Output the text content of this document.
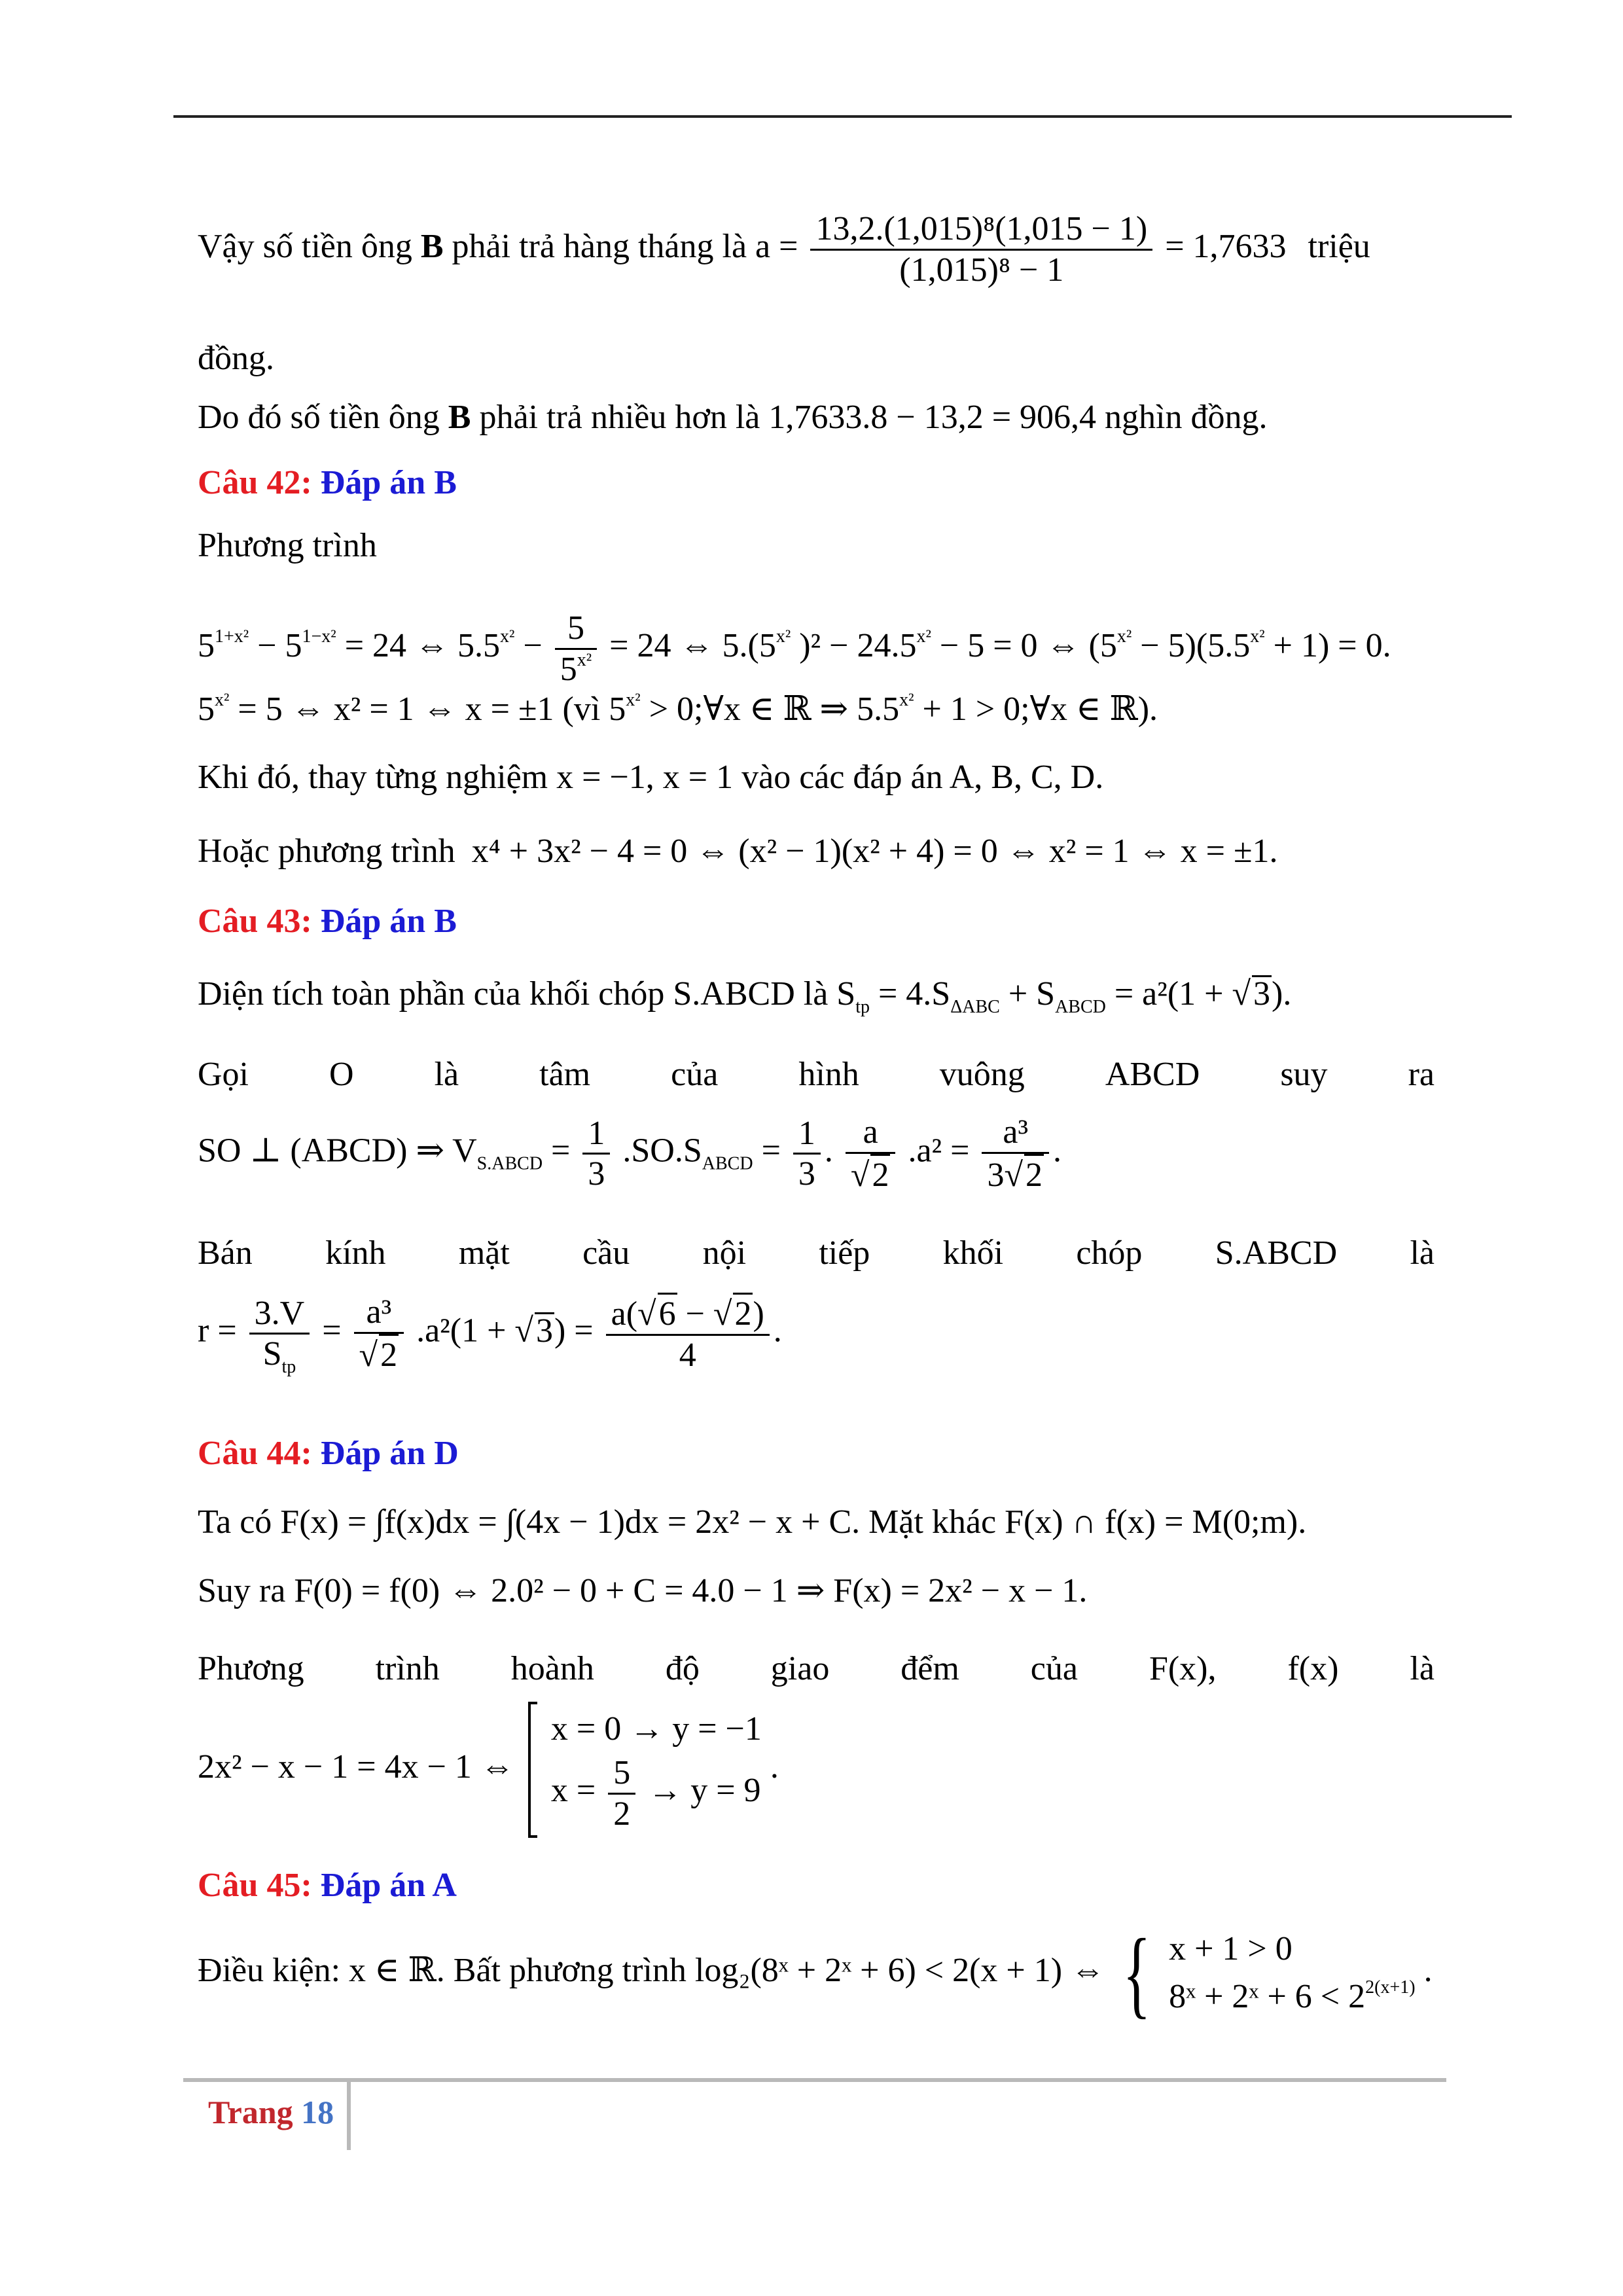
Vậy số tiền ông B phải trả hàng tháng là $a = \frac{\text{13,2.(1,015)⁸(1,015 − 1)}}{\text{(1,015)⁸ − 1}} = 1,7633$ triệu
đồng.
Do đó số tiền ông B phải trả nhiều hơn là 1,7633.8 − 13,2 = 906,4 nghìn đồng.
Câu 42: Đáp án B
Phương trình
$5^{1+x^2} - 5^{1-x^2} = 24$ ⇔ $5.5^{x^2} - \frac{5}{5^{x^2}} = 24$ ⇔ $5.(5^{x^2}$ )$^2 - 24.5^{x^2} - 5 = 0$ ⇔ $(5^{x^2} - 5)(5.5^{x^2} + 1) = 0$.
$5^{x^2} = 5$ ⇔ x² = 1 ⇔ x = ±1 (vì $5^{x^2}$ > 0;∀x ∈ ℝ ⇒ $5.5^{x^2} + 1$ > 0;∀x ∈ ℝ).
Khi đó, thay từng nghiệm x = −1, x = 1 vào các đáp án A, B, C, D.
Hoặc phương trình x⁴ + 3x² − 4 = 0 ⇔ (x² − 1)(x² + 4) = 0 ⇔ x² = 1 ⇔ x = ±1.
Câu 43: Đáp án B
Diện tích toàn phần của khối chóp S.ABCD là $S_{tp} = 4.S_{\Delta ABC} + S_{ABCD} = a^2(1 + √3)$.
Gọi O là tâm của hình vuông ABCD suy ra
SO ⊥ (ABCD) ⇒ $V_{S.ABCD} = \frac{1}{3} .SO.S_{ABCD} = \frac{1}{3}$ . $\frac{a}{√2} .a^2 = \frac{\text{a³}}{3√2}$ .
Bán kính mặt cầu nội tiếp khối chóp S.ABCD là
$r = \frac{3.V}{S_{tp}} = \frac{\text{a³}}{√2} .a^2(1 + √3) = \frac{a(√6 - √2)}{4}$ .
Câu 44: Đáp án D
Ta có F(x) = ∫f(x)dx = ∫(4x − 1)dx = 2x² − x + C. Mặt khác F(x) ∩ f(x) = M(0;m).
Suy ra F(0) = f(0) ⇔ 2.0² − 0 + C = 4.0 − 1 ⇒ F(x) = 2x² − x − 1.
Phương trình hoành độ giao đểm của F(x), f(x) là
2x² − x − 1 = 4x − 1 ⇔
x = 0 → y = −1
$x = \frac{5}{2} \to y = 9$
.
Câu 45: Đáp án A
Điều kiện: x ∈ ℝ. Bất phương trình log₂(8ˣ + 2ˣ + 6) < 2(x + 1) ⇔ { x + 1 > 0
8ˣ + 2ˣ + $6 < 2^{2(x+1)}$ .
Trang 18
